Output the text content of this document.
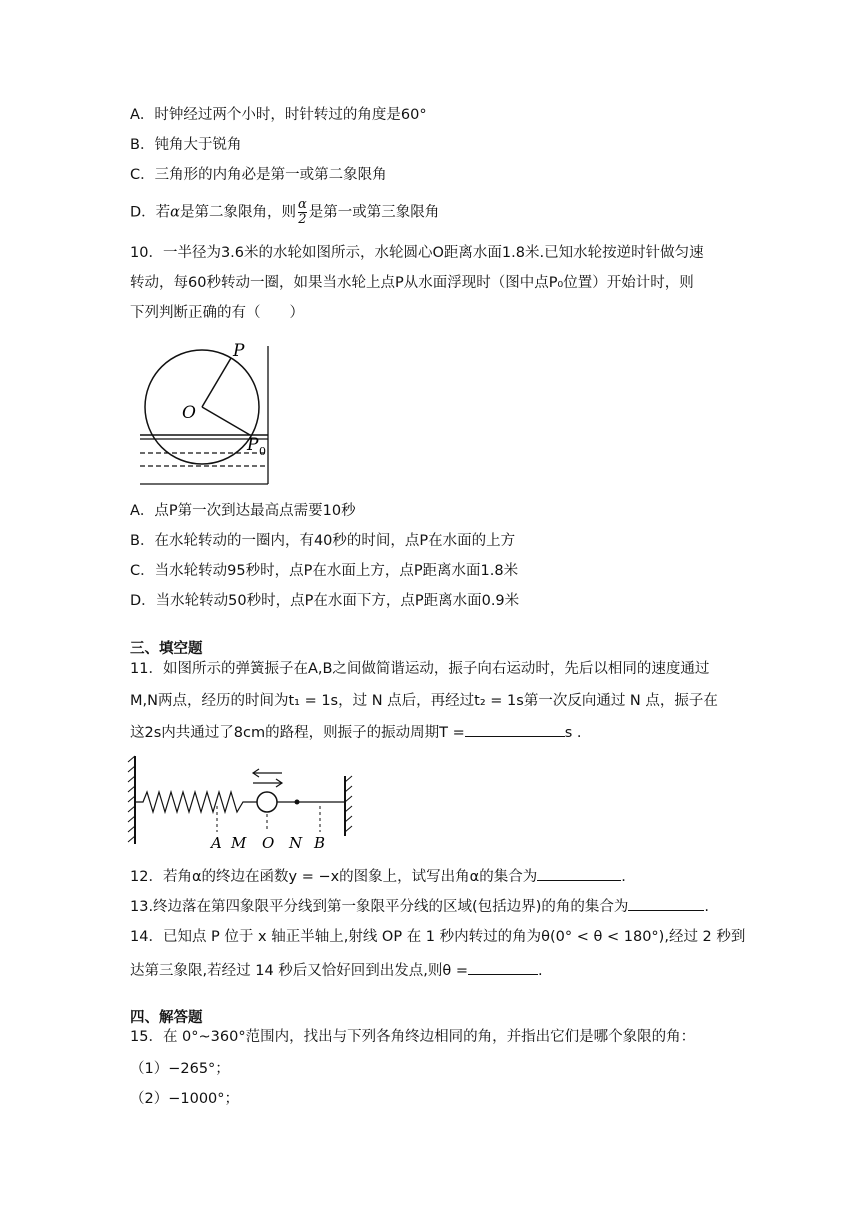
A．时钟经过两个小时，时针转过的角度是60°
B．钝角大于锐角
C．三角形的内角必是第一或第二象限角
D．若α是第二象限角，则 $\frac{\alpha}{2}$ 是第一或第三象限角
10．一半径为3.6米的水轮如图所示，水轮圆心O距离水面1.8米.已知水轮按逆时针做匀速
转动，每60秒转动一圈，如果当水轮上点P从水面浮现时（图中点P₀位置）开始计时，则
下列判断正确的有（　　）
P
O
P 0
A．点P第一次到达最高点需要10秒
B．在水轮转动的一圈内，有40秒的时间，点P在水面的上方
C．当水轮转动95秒时，点P在水面上方，点P距离水面1.8米
D．当水轮转动50秒时，点P在水面下方，点P距离水面0.9米
三、填空题
11．如图所示的弹簧振子在A,B之间做简谐运动，振子向右运动时，先后以相同的速度通过
M,N两点，经历的时间为t₁ = 1s，过 N 点后，再经过t₂ = 1s第一次反向通过 N 点，振子在
这2s内共通过了8cm的路程，则振子的振动周期T =	s .
A M O N B
12．若角α的终边在函数y = −x的图象上，试写出角α的集合为	.
13.终边落在第四象限平分线到第一象限平分线的区域(包括边界)的角的集合为	.
14．已知点 P 位于 x 轴正半轴上,射线 OP 在 1 秒内转过的角为θ(0° < θ < 180°),经过 2 秒到
达第三象限,若经过 14 秒后又恰好回到出发点,则θ =	.
四、解答题
15．在 0°~360°范围内，找出与下列各角终边相同的角，并指出它们是哪个象限的角：
（1）−265°；
（2）−1000°；
